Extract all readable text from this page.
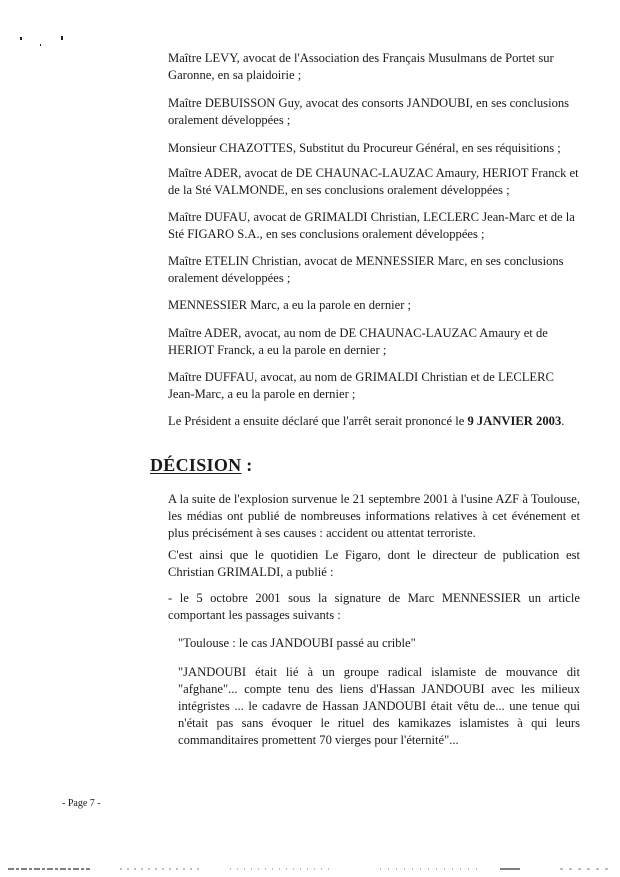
Maître LEVY, avocat de l'Association des Français Musulmans de Portet sur Garonne, en sa plaidoirie ;

Maître DEBUISSON Guy, avocat des consorts JANDOUBI, en ses conclusions oralement développées ;

Monsieur CHAZOTTES, Substitut du Procureur Général, en ses réquisitions ;

Maître ADER, avocat de DE CHAUNAC-LAUZAC Amaury, HERIOT Franck et de la Sté VALMONDE, en ses conclusions oralement développées ;

Maître DUFAU, avocat de GRIMALDI Christian, LECLERC Jean-Marc et de la Sté FIGARO S.A., en ses conclusions oralement développées ;

Maître ETELIN Christian, avocat de MENNESSIER Marc, en ses conclusions oralement développées ;

MENNESSIER Marc, a eu la parole en dernier ;

Maître ADER, avocat, au nom de DE CHAUNAC-LAUZAC Amaury et de HERIOT Franck, a eu la parole en dernier ;

Maître DUFFAU, avocat, au nom de GRIMALDI Christian et de LECLERC Jean-Marc, a eu la parole en dernier ;

Le Président a ensuite déclaré que l'arrêt serait prononcé le 9 JANVIER 2003.

DÉCISION :

A la suite de l'explosion survenue le 21 septembre 2001 à l'usine AZF à Toulouse, les médias ont publié de nombreuses informations relatives à cet événement et plus précisément à ses causes : accident ou attentat terroriste.

C'est ainsi que le quotidien Le Figaro, dont le directeur de publication est Christian GRIMALDI, a publié :

- le 5 octobre 2001 sous la signature de Marc MENNESSIER un article comportant les passages suivants :

"Toulouse : le cas JANDOUBI passé au crible"

"JANDOUBI était lié à un groupe radical islamiste de mouvance dit "afghane"... compte tenu des liens d'Hassan JANDOUBI avec les milieux intégristes ... le cadavre de Hassan JANDOUBI était vêtu de... une tenue qui n'était pas sans évoquer le rituel des kamikazes islamistes à qui leurs commanditaires promettent 70 vierges pour l'éternité"...

- Page 7 -
